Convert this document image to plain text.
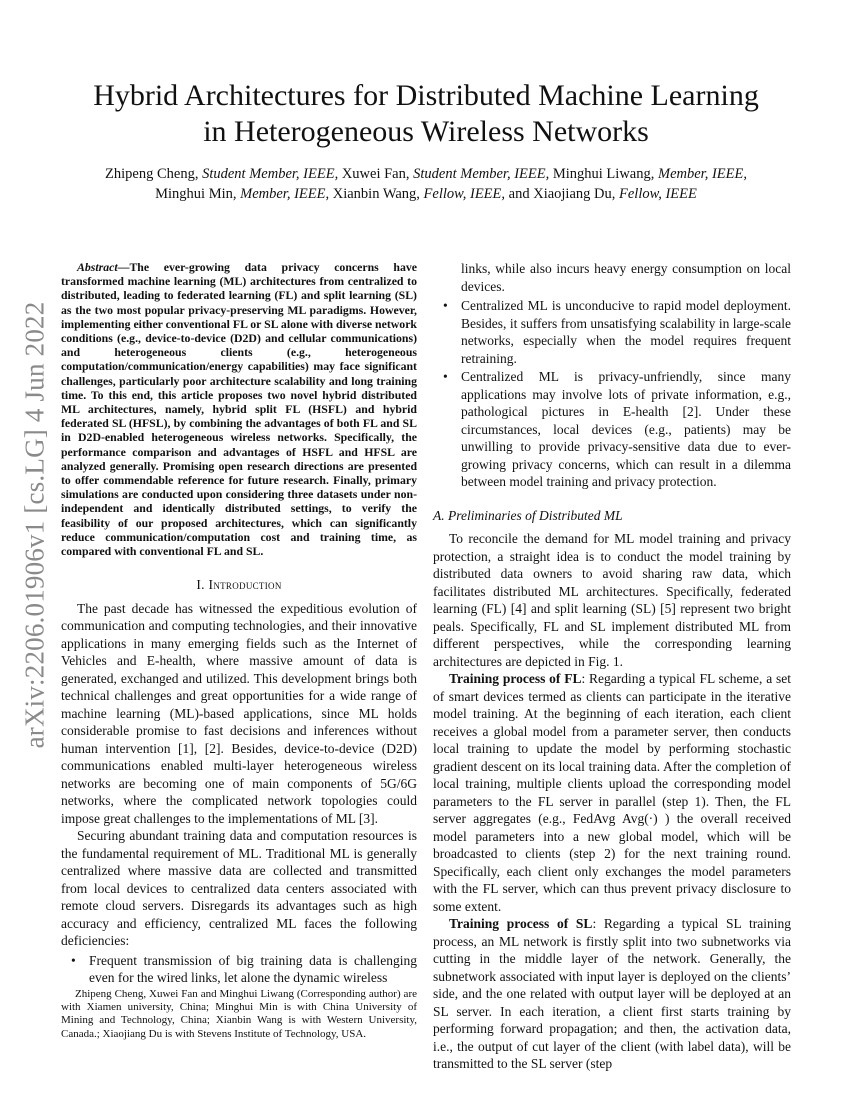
arXiv:2206.01906v1 [cs.LG] 4 Jun 2022
Hybrid Architectures for Distributed Machine Learning in Heterogeneous Wireless Networks
Zhipeng Cheng, Student Member, IEEE, Xuwei Fan, Student Member, IEEE, Minghui Liwang, Member, IEEE,
Minghui Min, Member, IEEE, Xianbin Wang, Fellow, IEEE, and Xiaojiang Du, Fellow, IEEE

Abstract—The ever-growing data privacy concerns have transformed machine learning (ML) architectures from centralized to distributed, leading to federated learning (FL) and split learning (SL) as the two most popular privacy-preserving ML paradigms. However, implementing either conventional FL or SL alone with diverse network conditions (e.g., device-to-device (D2D) and cellular communications) and heterogeneous clients (e.g., heterogeneous computation/communication/energy capabilities) may face significant challenges, particularly poor architecture scalability and long training time. To this end, this article proposes two novel hybrid distributed ML architectures, namely, hybrid split FL (HSFL) and hybrid federated SL (HFSL), by combining the advantages of both FL and SL in D2D-enabled heterogeneous wireless networks. Specifically, the performance comparison and advantages of HSFL and HFSL are analyzed generally. Promising open research directions are presented to offer commendable reference for future research. Finally, primary simulations are conducted upon considering three datasets under non-independent and identically distributed settings, to verify the feasibility of our proposed architectures, which can significantly reduce communication/computation cost and training time, as compared with conventional FL and SL.

I. Introduction

The past decade has witnessed the expeditious evolution of communication and computing technologies, and their innovative applications in many emerging fields such as the Internet of Vehicles and E-health, where massive amount of data is generated, exchanged and utilized. This development brings both technical challenges and great opportunities for a wide range of machine learning (ML)-based applications, since ML holds considerable promise to fast decisions and inferences without human intervention [1], [2]. Besides, device-to-device (D2D) communications enabled multi-layer heterogeneous wireless networks are becoming one of main components of 5G/6G networks, where the complicated network topologies could impose great challenges to the implementations of ML [3].

Securing abundant training data and computation resources is the fundamental requirement of ML. Traditional ML is generally centralized where massive data are collected and transmitted from local devices to centralized data centers associated with remote cloud servers. Disregards its advantages such as high accuracy and efficiency, centralized ML faces the following deficiencies:

• Frequent transmission of big training data is challenging even for the wired links, let alone the dynamic wireless
Zhipeng Cheng, Xuwei Fan and Minghui Liwang (Corresponding author) are with Xiamen university, China; Minghui Min is with China University of Mining and Technology, China; Xianbin Wang is with Western University, Canada.; Xiaojiang Du is with Stevens Institute of Technology, USA.

links, while also incurs heavy energy consumption on local devices.

• Centralized ML is unconducive to rapid model deployment. Besides, it suffers from unsatisfying scalability in large-scale networks, especially when the model requires frequent retraining.
• Centralized ML is privacy-unfriendly, since many applications may involve lots of private information, e.g., pathological pictures in E-health [2]. Under these circumstances, local devices (e.g., patients) may be unwilling to provide privacy-sensitive data due to ever-growing privacy concerns, which can result in a dilemma between model training and privacy protection.
A. Preliminaries of Distributed ML

To reconcile the demand for ML model training and privacy protection, a straight idea is to conduct the model training by distributed data owners to avoid sharing raw data, which facilitates distributed ML architectures. Specifically, federated learning (FL) [4] and split learning (SL) [5] represent two bright peals. Specifically, FL and SL implement distributed ML from different perspectives, while the corresponding learning architectures are depicted in Fig. 1.

Training process of FL: Regarding a typical FL scheme, a set of smart devices termed as clients can participate in the iterative model training. At the beginning of each iteration, each client receives a global model from a parameter server, then conducts local training to update the model by performing stochastic gradient descent on its local training data. After the completion of local training, multiple clients upload the corresponding model parameters to the FL server in parallel (step 1). Then, the FL server aggregates (e.g., FedAvg Avg(·) ) the overall received model parameters into a new global model, which will be broadcasted to clients (step 2) for the next training round. Specifically, each client only exchanges the model parameters with the FL server, which can thus prevent privacy disclosure to some extent.

Training process of SL: Regarding a typical SL training process, an ML network is firstly split into two subnetworks via cutting in the middle layer of the network. Generally, the subnetwork associated with input layer is deployed on the clients’ side, and the one related with output layer will be deployed at an SL server. In each iteration, a client first starts training by performing forward propagation; and then, the activation data, i.e., the output of cut layer of the client (with label data), will be transmitted to the SL server (step
